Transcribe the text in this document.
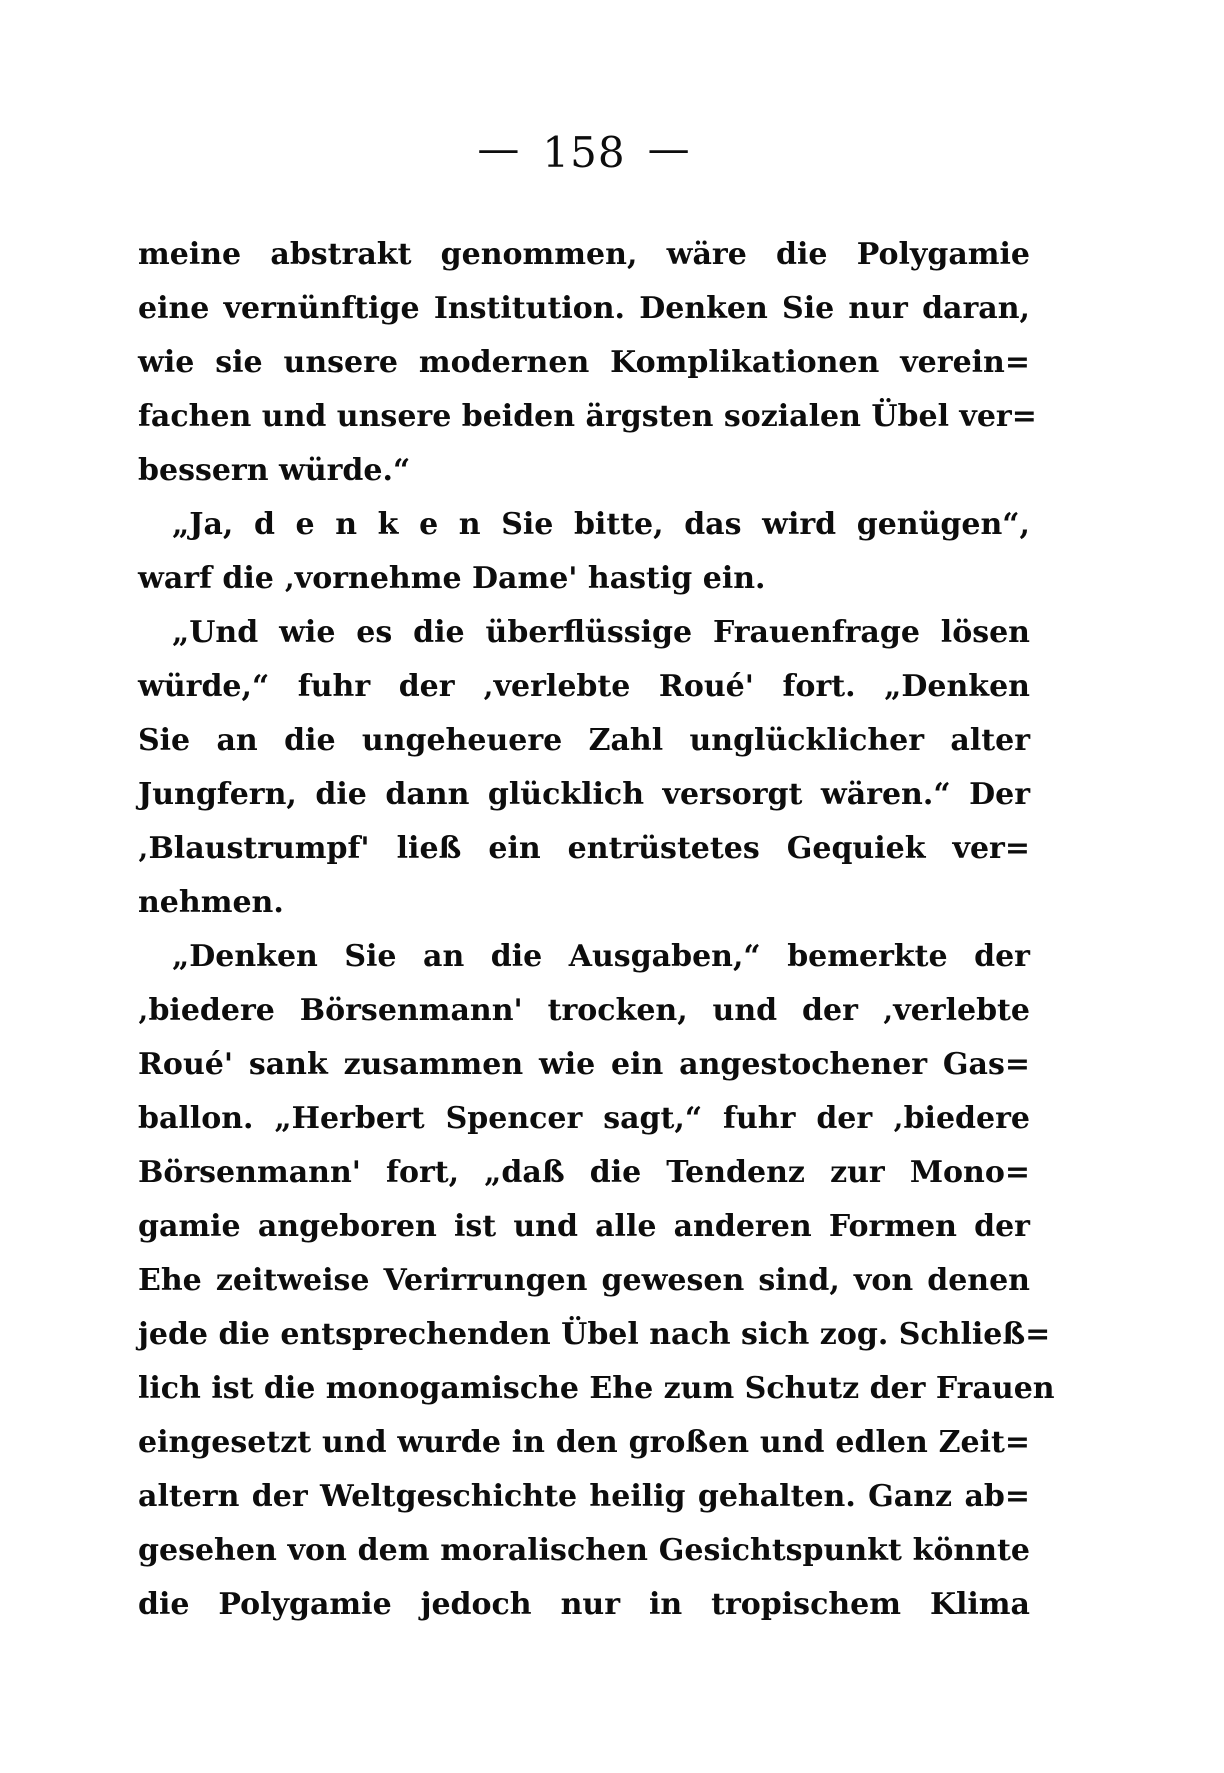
— 158 —
meine abstrakt genommen, wäre die Polygamie
eine vernünftige Institution. Denken Sie nur daran,
wie sie unsere modernen Komplikationen verein=
fachen und unsere beiden ärgsten sozialen Übel ver=
bessern würde.“
„Ja, d e n k e n Sie bitte, das wird genügen“,
warf die ‚vornehme Dame' hastig ein.
„Und wie es die überflüssige Frauenfrage lösen
würde,“ fuhr der ‚verlebte Roué' fort. „Denken
Sie an die ungeheuere Zahl unglücklicher alter
Jungfern, die dann glücklich versorgt wären.“ Der
‚Blaustrumpf' ließ ein entrüstetes Gequiek ver=
nehmen.
„Denken Sie an die Ausgaben,“ bemerkte der
‚biedere Börsenmann' trocken, und der ‚verlebte
Roué' sank zusammen wie ein angestochener Gas=
ballon. „Herbert Spencer sagt,“ fuhr der ‚biedere
Börsenmann' fort, „daß die Tendenz zur Mono=
gamie angeboren ist und alle anderen Formen der
Ehe zeitweise Verirrungen gewesen sind, von denen
jede die entsprechenden Übel nach sich zog. Schließ=
lich ist die monogamische Ehe zum Schutz der Frauen
eingesetzt und wurde in den großen und edlen Zeit=
altern der Weltgeschichte heilig gehalten. Ganz ab=
gesehen von dem moralischen Gesichtspunkt könnte
die Polygamie jedoch nur in tropischem Klima
